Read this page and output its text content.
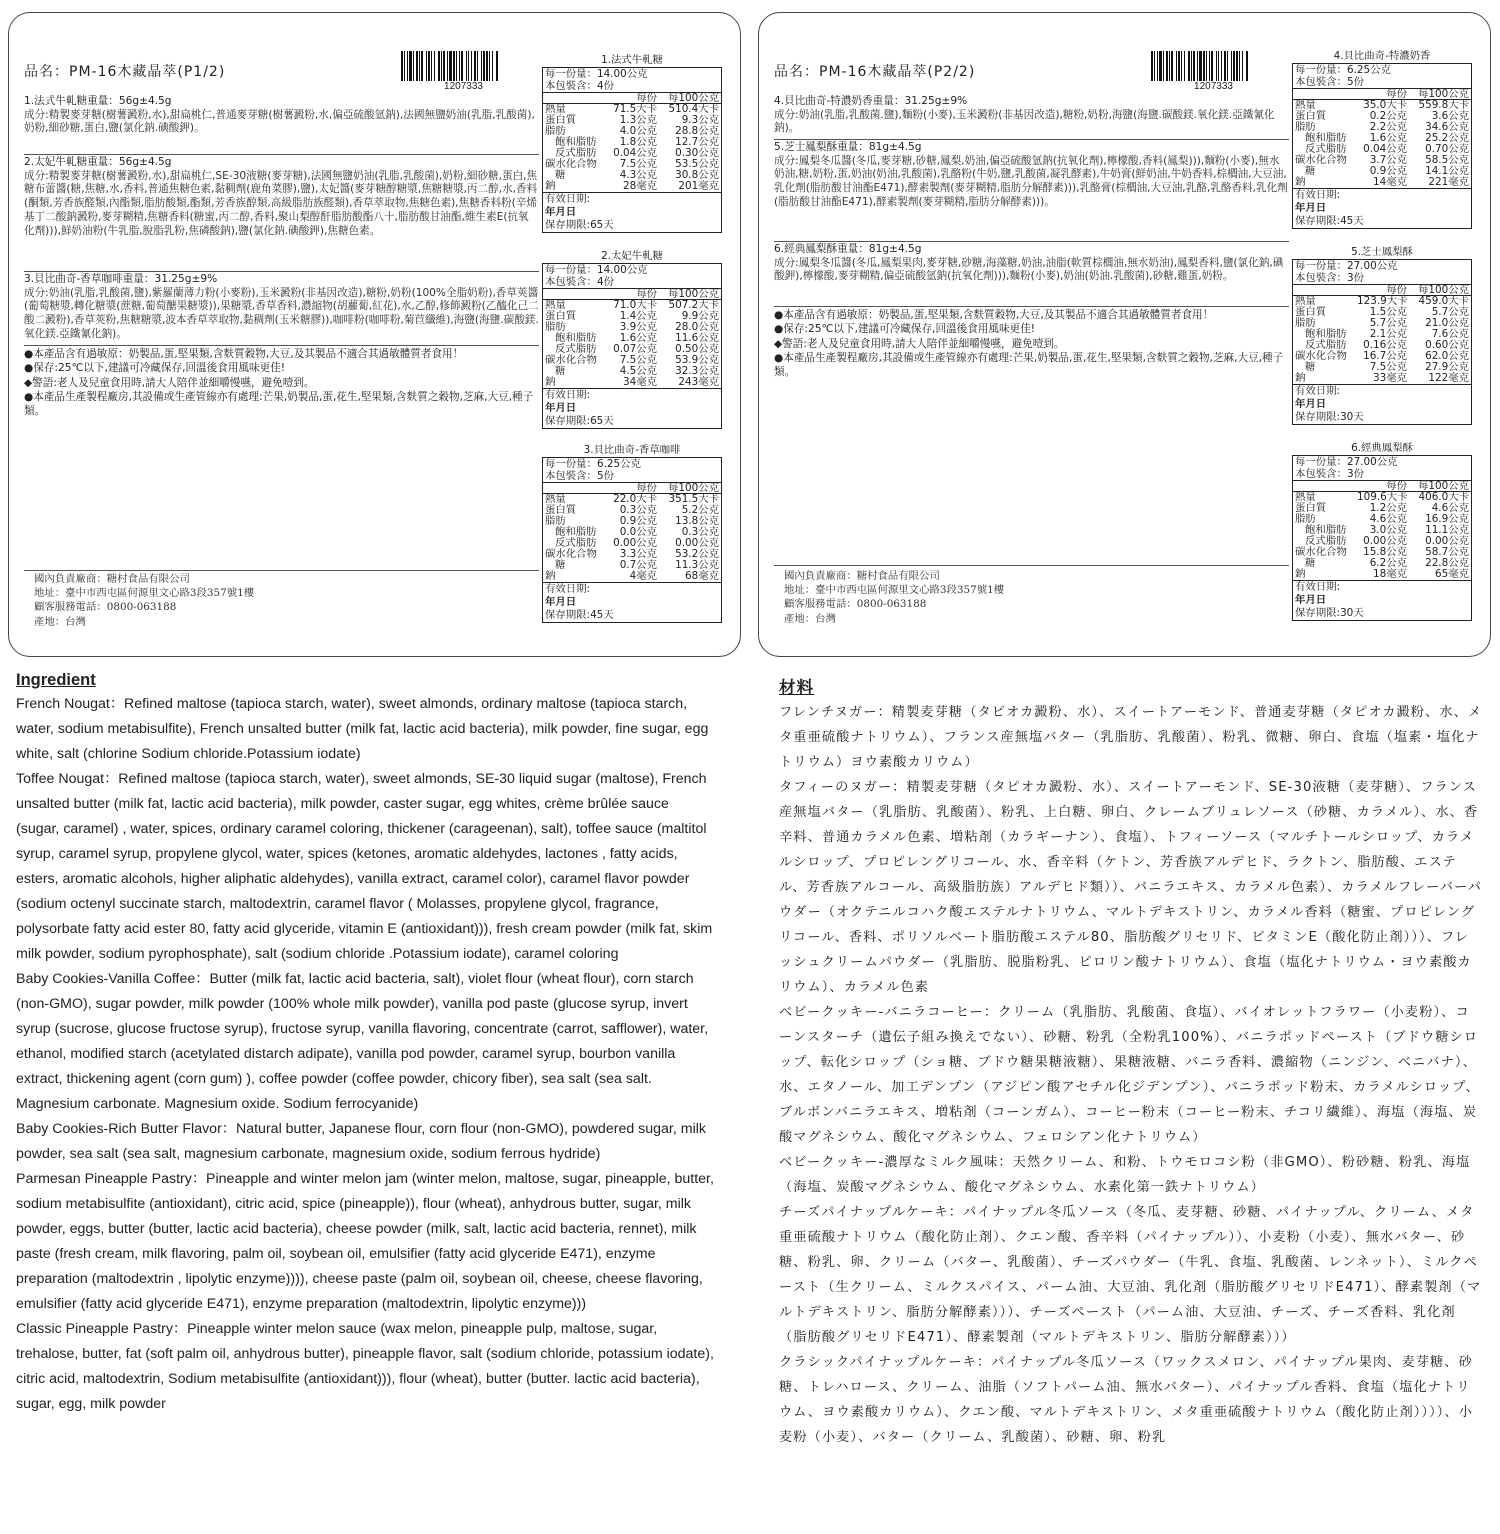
品名：PM-16木藏晶萃(P1/2)
1207333
1.法式牛軋糖重量：56g±4.5g
成分:精製麥芽糖(樹薯澱粉,水),甜扁桃仁,普通麥芽糖(樹薯澱粉,水,偏亞硫酸氫鈉),法國無鹽奶油(乳脂,乳酸菌),奶粉,細砂糖,蛋白,鹽(氯化鈉.碘酸鉀)。
2.太妃牛軋糖重量：56g±4.5g
成分:精製麥芽糖(樹薯澱粉,水),甜扁桃仁,SE-30液糖(麥芽糖),法國無鹽奶油(乳脂,乳酸菌),奶粉,細砂糖,蛋白,焦糖布蕾醬(糖,焦糖,水,香料,普通焦糖色素,黏稠劑(鹿角菜膠),鹽),太妃醬(麥芽糖醇糖漿,焦糖糖漿,丙二醇,水,香料(酮類,芳香族醛類,內酯類,脂肪酸類,酯類,芳香族醇類,高級脂肪族醛類),香草萃取物,焦糖色素),焦糖香料粉(辛烯基丁二酸鈉澱粉,麥芽糊精,焦糖香料(糖蜜,丙二醇,香料,聚山梨醇酐脂肪酸酯八十,脂肪酸甘油酯,維生素E(抗氧化劑))),鮮奶油粉(牛乳脂,脫脂乳粉,焦磷酸鈉),鹽(氯化鈉.碘酸鉀),焦糖色素。
3.貝比曲奇-香草咖啡重量：31.25g±9%
成分:奶油(乳脂,乳酸菌,鹽),紫羅蘭薄力粉(小麥粉),玉米澱粉(非基因改造),糖粉,奶粉(100%全脂奶粉),香草莢醬(葡萄糖漿,轉化糖漿(蔗糖,葡萄醣果糖漿)),果糖漿,香草香料,濃縮物(胡蘿蔔,紅花),水,乙醇,修飾澱粉(乙醯化己二酸二澱粉),香草莢粉,焦糖糖漿,波本香草萃取物,黏稠劑(玉米糖膠)),咖啡粉(咖啡粉,菊苣纖維),海鹽(海鹽.碳酸鎂.氧化鎂.亞鐵氰化鈉)。
●本產品含有過敏原：奶製品,蛋,堅果類,含麩質穀物,大豆,及其製品不適合其過敏體質者食用！
●保存:25℃以下,建議可冷藏保存,回溫後食用風味更佳!
◆警語:老人及兒童食用時,請大人陪伴並細嚼慢嚥，避免噎到。
●本產品生產製程廠房,其設備或生產管線亦有處理:芒果,奶製品,蛋,花生,堅果類,含麩質之穀物,芝麻,大豆,種子類。
國內負責廠商：糖村食品有限公司
地址：臺中市西屯區何源里文心路3段357號1樓
顧客服務電話：0800-063188
產地：台灣
1.法式牛軋糖
每一份量：14.00公克
本包裝含：4份
每份	每100公克
熱量	71.5大卡	510.4大卡
蛋白質	1.3公克	9.3公克
脂肪	4.0公克	28.8公克
飽和脂肪	1.8公克	12.7公克
反式脂肪	0.04公克	0.30公克
碳水化合物	7.5公克	53.5公克
糖	4.3公克	30.8公克
鈉	28毫克	201毫克
有效日期:
年月日
保存期限:65天
2.太妃牛軋糖
每一份量：14.00公克
本包裝含：4份
每份	每100公克
熱量	71.0大卡	507.2大卡
蛋白質	1.4公克	9.9公克
脂肪	3.9公克	28.0公克
飽和脂肪	1.6公克	11.6公克
反式脂肪	0.07公克	0.50公克
碳水化合物	7.5公克	53.9公克
糖	4.5公克	32.3公克
鈉	34毫克	243毫克
有效日期:
年月日
保存期限:65天
3.貝比曲奇-香草咖啡
每一份量：6.25公克
本包裝含：5份
每份	每100公克
熱量	22.0大卡	351.5大卡
蛋白質	0.3公克	5.2公克
脂肪	0.9公克	13.8公克
飽和脂肪	0.0公克	0.3公克
反式脂肪	0.00公克	0.00公克
碳水化合物	3.3公克	53.2公克
糖	0.7公克	11.3公克
鈉	4毫克	68毫克
有效日期:
年月日
保存期限:45天
品名：PM-16木藏晶萃(P2/2)
1207333
4.貝比曲奇-特濃奶香重量：31.25g±9%
成分:奶油(乳脂,乳酸菌.鹽),麵粉(小麥),玉米澱粉(非基因改造),糖粉,奶粉,海鹽(海鹽.碳酸鎂.氧化鎂.亞鐵氰化鈉)。
5.芝士鳳梨酥重量：81g±4.5g
成分:鳳梨冬瓜醬(冬瓜,麥芽糖,砂糖,鳳梨,奶油,偏亞硫酸氫鈉(抗氧化劑),檸檬酸,香料(鳳梨))),麵粉(小麥),無水奶油,糖,奶粉,蛋,奶油(奶油,乳酸菌),乳酪粉(牛奶,鹽,乳酸菌,凝乳酵素),牛奶膏(鮮奶油,牛奶香料,棕櫚油,大豆油,乳化劑(脂肪酸甘油酯E471),酵素製劑(麥芽糊精,脂肪分解酵素))),乳酪膏(棕櫚油,大豆油,乳酪,乳酪香料,乳化劑(脂肪酸甘油酯E471),酵素製劑(麥芽糊精,脂肪分解酵素)))。
6.經典鳳梨酥重量：81g±4.5g
成分:鳳梨冬瓜醬(冬瓜,鳳梨果肉,麥芽糖,砂糖,海藻糖,奶油,油脂(軟質棕櫚油,無水奶油),鳳梨香料,鹽(氯化鈉,碘酸鉀),檸檬酸,麥芽糊精,偏亞硫酸氫鈉(抗氧化劑))),麵粉(小麥),奶油(奶油.乳酸菌),砂糖,雞蛋,奶粉。
●本產品含有過敏原：奶製品,蛋,堅果類,含麩質穀物,大豆,及其製品不適合其過敏體質者食用！
●保存:25℃以下,建議可冷藏保存,回溫後食用風味更佳!
◆警語:老人及兒童食用時,請大人陪伴並細嚼慢嚥，避免噎到。
●本產品生產製程廠房,其設備或生產管線亦有處理:芒果,奶製品,蛋,花生,堅果類,含麩質之穀物,芝麻,大豆,種子類。
國內負責廠商：糖村食品有限公司
地址：臺中市西屯區何源里文心路3段357號1樓
顧客服務電話：0800-063188
產地：台灣
4.貝比曲奇-特濃奶香
每一份量：6.25公克
本包裝含：5份
每份	每100公克
熱量	35.0大卡	559.8大卡
蛋白質	0.2公克	3.6公克
脂肪	2.2公克	34.6公克
飽和脂肪	1.6公克	25.2公克
反式脂肪	0.04公克	0.70公克
碳水化合物	3.7公克	58.5公克
糖	0.9公克	14.1公克
鈉	14毫克	221毫克
有效日期:
年月日
保存期限:45天
5.芝士鳳梨酥
每一份量：27.00公克
本包裝含：3份
每份	每100公克
熱量	123.9大卡	459.0大卡
蛋白質	1.5公克	5.7公克
脂肪	5.7公克	21.0公克
飽和脂肪	2.1公克	7.6公克
反式脂肪	0.16公克	0.60公克
碳水化合物	16.7公克	62.0公克
糖	7.5公克	27.9公克
鈉	33毫克	122毫克
有效日期:
年月日
保存期限:30天
6.經典鳳梨酥
每一份量：27.00公克
本包裝含：3份
每份	每100公克
熱量	109.6大卡	406.0大卡
蛋白質	1.2公克	4.6公克
脂肪	4.6公克	16.9公克
飽和脂肪	3.0公克	11.1公克
反式脂肪	0.00公克	0.00公克
碳水化合物	15.8公克	58.7公克
糖	6.2公克	22.8公克
鈉	18毫克	65毫克
有效日期:
年月日
保存期限:30天
Ingredient
French Nougat：Refined maltose (tapioca starch, water), sweet almonds, ordinary maltose (tapioca starch, water, sodium metabisulfite), French unsalted butter (milk fat, lactic acid bacteria), milk powder, fine sugar, egg white, salt (chlorine Sodium chloride.Potassium iodate)
Toffee Nougat：Refined maltose (tapioca starch, water), sweet almonds, SE-30 liquid sugar (maltose), French unsalted butter (milk fat, lactic acid bacteria), milk powder, caster sugar, egg whites, crème brûlée sauce (sugar, caramel) , water, spices, ordinary caramel coloring, thickener (carageenan), salt), toffee sauce (maltitol syrup, caramel syrup, propylene glycol, water, spices (ketones, aromatic aldehydes, lactones , fatty acids, esters, aromatic alcohols, higher aliphatic aldehydes), vanilla extract, caramel color), caramel flavor powder (sodium octenyl succinate starch, maltodextrin, caramel flavor ( Molasses, propylene glycol, fragrance, polysorbate fatty acid ester 80, fatty acid glyceride, vitamin E (antioxidant))), fresh cream powder (milk fat, skim milk powder, sodium pyrophosphate), salt (sodium chloride .Potassium iodate), caramel coloring
Baby Cookies-Vanilla Coffee：Butter (milk fat, lactic acid bacteria, salt), violet flour (wheat flour), corn starch (non-GMO), sugar powder, milk powder (100% whole milk powder), vanilla pod paste (glucose syrup, invert syrup (sucrose, glucose fructose syrup), fructose syrup, vanilla flavoring, concentrate (carrot, safflower), water, ethanol, modified starch (acetylated distarch adipate), vanilla pod powder, caramel syrup, bourbon vanilla extract, thickening agent (corn gum) ), coffee powder (coffee powder, chicory fiber), sea salt (sea salt. Magnesium carbonate. Magnesium oxide. Sodium ferrocyanide)
Baby Cookies-Rich Butter Flavor：Natural butter, Japanese flour, corn flour (non-GMO), powdered sugar, milk powder, sea salt (sea salt, magnesium carbonate, magnesium oxide, sodium ferrous hydride)
Parmesan Pineapple Pastry：Pineapple and winter melon jam (winter melon, maltose, sugar, pineapple, butter, sodium metabisulfite (antioxidant), citric acid, spice (pineapple)), flour (wheat), anhydrous butter, sugar, milk powder, eggs, butter (butter, lactic acid bacteria), cheese powder (milk, salt, lactic acid bacteria, rennet), milk paste (fresh cream, milk flavoring, palm oil, soybean oil, emulsifier (fatty acid glyceride E471), enzyme preparation (maltodextrin , lipolytic enzyme)))), cheese paste (palm oil, soybean oil, cheese, cheese flavoring, emulsifier (fatty acid glyceride E471), enzyme preparation (maltodextrin, lipolytic enzyme)))
Classic Pineapple Pastry：Pineapple winter melon sauce (wax melon, pineapple pulp, maltose, sugar, trehalose, butter, fat (soft palm oil, anhydrous butter), pineapple flavor, salt (sodium chloride, potassium iodate), citric acid, maltodextrin, Sodium metabisulfite (antioxidant))), flour (wheat), butter (butter. lactic acid bacteria), sugar, egg, milk powder
材料
フレンチヌガー：精製麦芽糖（タピオカ澱粉、水）、スイートアーモンド、普通麦芽糖（タピオカ澱粉、水、メタ重亜硫酸ナトリウム）、フランス産無塩バター（乳脂肪、乳酸菌）、粉乳、微糖、卵白、食塩（塩素・塩化ナトリウム）ヨウ素酸カリウム）
タフィーのヌガー：精製麦芽糖（タピオカ澱粉、水）、スイートアーモンド、SE-30液糖（麦芽糖）、フランス産無塩バター（乳脂肪、乳酸菌）、粉乳、上白糖、卵白、クレームブリュレソース（砂糖、カラメル）、水、香辛料、普通カラメル色素、増粘剤（カラギーナン）、食塩）、トフィーソース（マルチトールシロップ、カラメルシロップ、プロピレングリコール、水、香辛料（ケトン、芳香族アルデヒド、ラクトン、脂肪酸、エステル、芳香族アルコール、高級脂肪族）アルデヒド類））、バニラエキス、カラメル色素）、カラメルフレーバーパウダー（オクテニルコハク酸エステルナトリウム、マルトデキストリン、カラメル香料（糖蜜、プロピレングリコール、香料、ポリソルベート脂肪酸エステル80、脂肪酸グリセリド、ビタミンE（酸化防止剤）））、フレッシュクリームパウダー（乳脂肪、脱脂粉乳、ピロリン酸ナトリウム）、食塩（塩化ナトリウム・ヨウ素酸カリウム）、カラメル色素
ベビークッキー-バニラコーヒー：クリーム（乳脂肪、乳酸菌、食塩）、バイオレットフラワー（小麦粉）、コーンスターチ（遺伝子組み換えでない）、砂糖、粉乳（全粉乳100%）、バニラポッドペースト（ブドウ糖シロップ、転化シロップ（ショ糖、ブドウ糖果糖液糖）、果糖液糖、バニラ香料、濃縮物（ニンジン、ベニバナ）、水、エタノール、加工デンプン（アジピン酸アセチル化ジデンプン）、バニラポッド粉末、カラメルシロップ、ブルボンバニラエキス、増粘剤（コーンガム）、コーヒー粉末（コーヒー粉末、チコリ繊維）、海塩（海塩、炭酸マグネシウム、酸化マグネシウム、フェロシアン化ナトリウム）
ベビークッキー-濃厚なミルク風味：天然クリーム、和粉、トウモロコシ粉（非GMO）、粉砂糖、粉乳、海塩（海塩、炭酸マグネシウム、酸化マグネシウム、水素化第一鉄ナトリウム）
チーズパイナップルケーキ：パイナップル冬瓜ソース（冬瓜、麦芽糖、砂糖、パイナップル、クリーム、メタ重亜硫酸ナトリウム（酸化防止剤）、クエン酸、香辛料（パイナップル））、小麦粉（小麦）、無水バター、砂糖、粉乳、卵、クリーム（バター、乳酸菌）、チーズパウダー（牛乳、食塩、乳酸菌、レンネット）、ミルクペースト（生クリーム、ミルクスパイス、パーム油、大豆油、乳化剤（脂肪酸グリセリドE471）、酵素製剤（マルトデキストリン、脂肪分解酵素）））、チーズペースト（パーム油、大豆油、チーズ、チーズ香料、乳化剤（脂肪酸グリセリドE471）、酵素製剤（マルトデキストリン、脂肪分解酵素）））
クラシックパイナップルケーキ：パイナップル冬瓜ソース（ワックスメロン、パイナップル果肉、麦芽糖、砂糖、トレハロース、クリーム、油脂（ソフトパーム油、無水バター）、パイナップル香料、食塩（塩化ナトリウム、ヨウ素酸カリウム）、クエン酸、マルトデキストリン、メタ重亜硫酸ナトリウム（酸化防止剤））））、小麦粉（小麦）、バター（クリーム、乳酸菌）、砂糖、卵、粉乳
